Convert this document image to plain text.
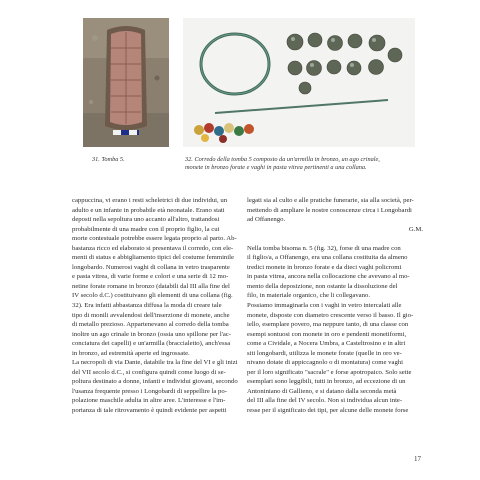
31. Tomba 5.	32. Corredo della tomba 5 composto da un'armilla in bronzo, un ago crinale,
monete in bronzo forate e vaghi in pasta vitrea pertinenti a una collana.
cappuccina, vi erano i resti scheletrici di due individui, un
adulto e un infante in probabile età neonatale. Erano stati
deposti nella sepoltura uno accanto all'altro, trattandosi
probabilmente di una madre con il proprio figlio, la cui
morte contestuale potrebbe essere legata proprio al parto. Ab-
bastanza ricco ed elaborato si presentava il corredo, con ele-
menti di status e abbigliamento tipici del costume femminile
longobardo. Numerosi vaghi di collana in vetro trasparente
e pasta vitrea, di varie forme e colori e una serie di 12 mo-
netine forate romane in bronzo (databili dal III alla fine del
IV secolo d.C.) costituivano gli elementi di una collana (fig.
32). Era infatti abbastanza diffusa la moda di creare tale
tipo di monili avvalendosi dell'inserzione di monete, anche
di metallo prezioso. Appartenevano al corredo della tomba
inoltre un ago crinale in bronzo (ossia uno spillone per l'ac-
conciatura dei capelli) e un'armilla (braccialetto), anch'essa
in bronzo, ad estremità aperte ed ingrossate.
La necropoli di via Dante, databile tra la fine del VI e gli inizi
del VII secolo d.C., si configura quindi come luogo di se-
poltura destinato a donne, infanti e individui giovani, secondo
l'usanza frequente presso i Longobardi di seppellire la po-
polazione maschile adulta in altre aree. L'interesse e l'im-
portanza di tale ritrovamento è quindi evidente per aspetti
legati sia al culto e alle pratiche funerarie, sia alla società, per-
mettendo di ampliare le nostre conoscenze circa i Longobardi
ad Offanengo.
G.M.
Nella tomba bisoma n. 5 (fig. 32), forse di una madre con
il figlio/a, a Offanengo, era una collana costituita da almeno
tredici monete in bronzo forate e da dieci vaghi policromi
in pasta vitrea, ancora nella collocazione che avevano al mo-
mento della deposizione, non ostante la dissoluzione del
filo, in materiale organico, che li collegavano.
Possiamo immaginarla con i vaghi in vetro intercalati alle
monete, disposte con diametro crescente verso il basso. Il gio-
iello, esemplare povero, ma neppure tanto, di una classe con
esempi sontuosi con monete in oro e pendenti monetiformi,
come a Cividale, a Nocera Umbra, a Casteltrosino e in altri
siti longobardi, utilizza le monete forate (quelle in oro ve-
nivano dotate di appiccagnolo o di montatura) come vaghi
per il loro significato "sacrale" e forse apotropaico. Solo sette
esemplari sono leggibili, tutti in bronzo, ad eccezione di un
Antoniniano di Gallieno, e si datano dalla seconda metà
del III alla fine del IV secolo. Non si individua alcun inte-
resse per il significato dei tipi, per alcune delle monete forse
17
